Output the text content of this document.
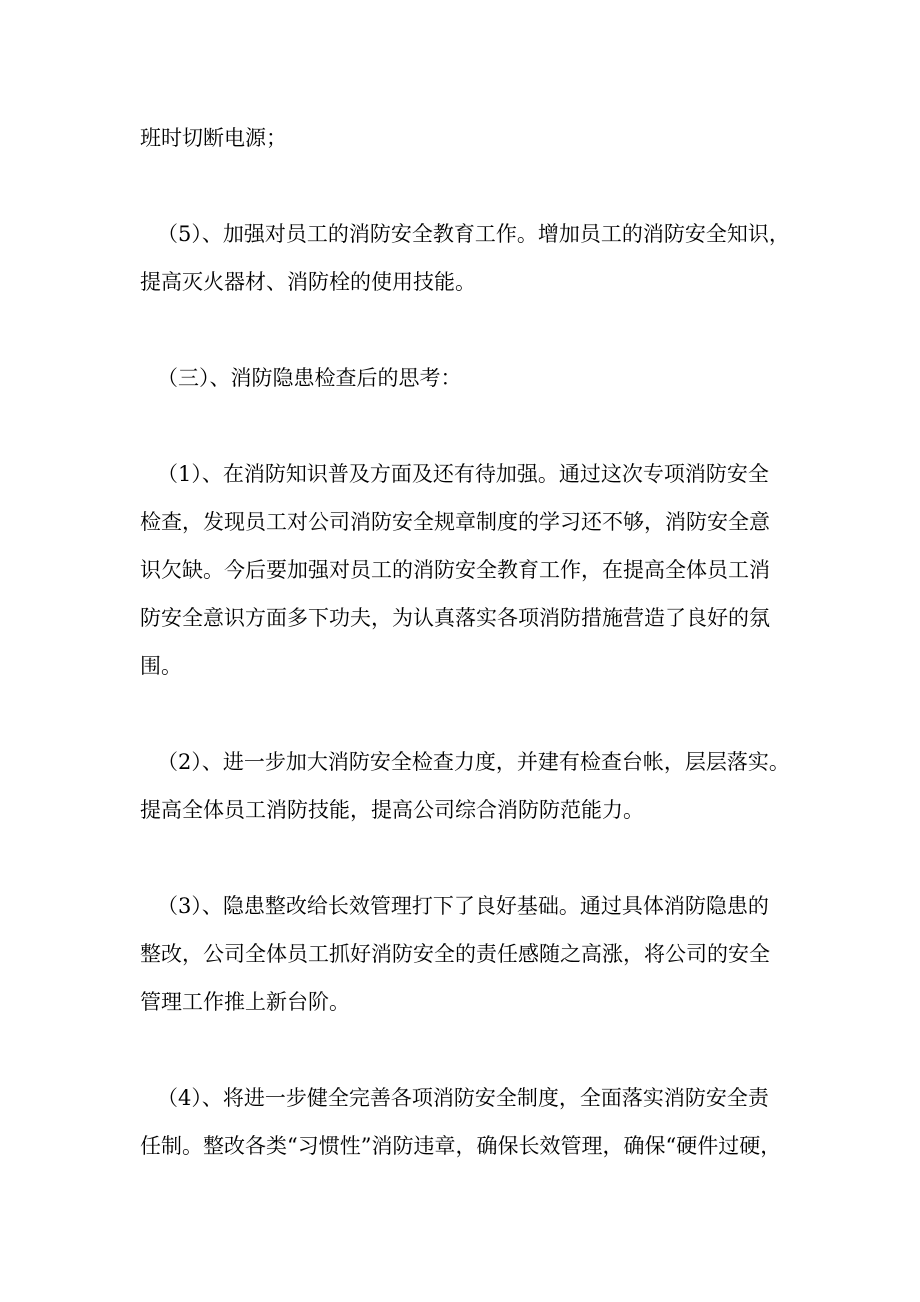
班时切断电源；
（5）、加强对员工的消防安全教育工作。增加员工的消防安全知识，
提高灭火器材、消防栓的使用技能。
（三）、消防隐患检查后的思考：
（1）、在消防知识普及方面及还有待加强。通过这次专项消防安全
检查，发现员工对公司消防安全规章制度的学习还不够，消防安全意
识欠缺。今后要加强对员工的消防安全教育工作，在提高全体员工消
防安全意识方面多下功夫，为认真落实各项消防措施营造了良好的氛
围。
（2）、进一步加大消防安全检查力度，并建有检查台帐，层层落实。
提高全体员工消防技能，提高公司综合消防防范能力。
（3）、隐患整改给长效管理打下了良好基础。通过具体消防隐患的
整改，公司全体员工抓好消防安全的责任感随之高涨，将公司的安全
管理工作推上新台阶。
（4）、将进一步健全完善各项消防安全制度，全面落实消防安全责
任制。整改各类“习惯性”消防违章，确保长效管理，确保“硬件过硬，
